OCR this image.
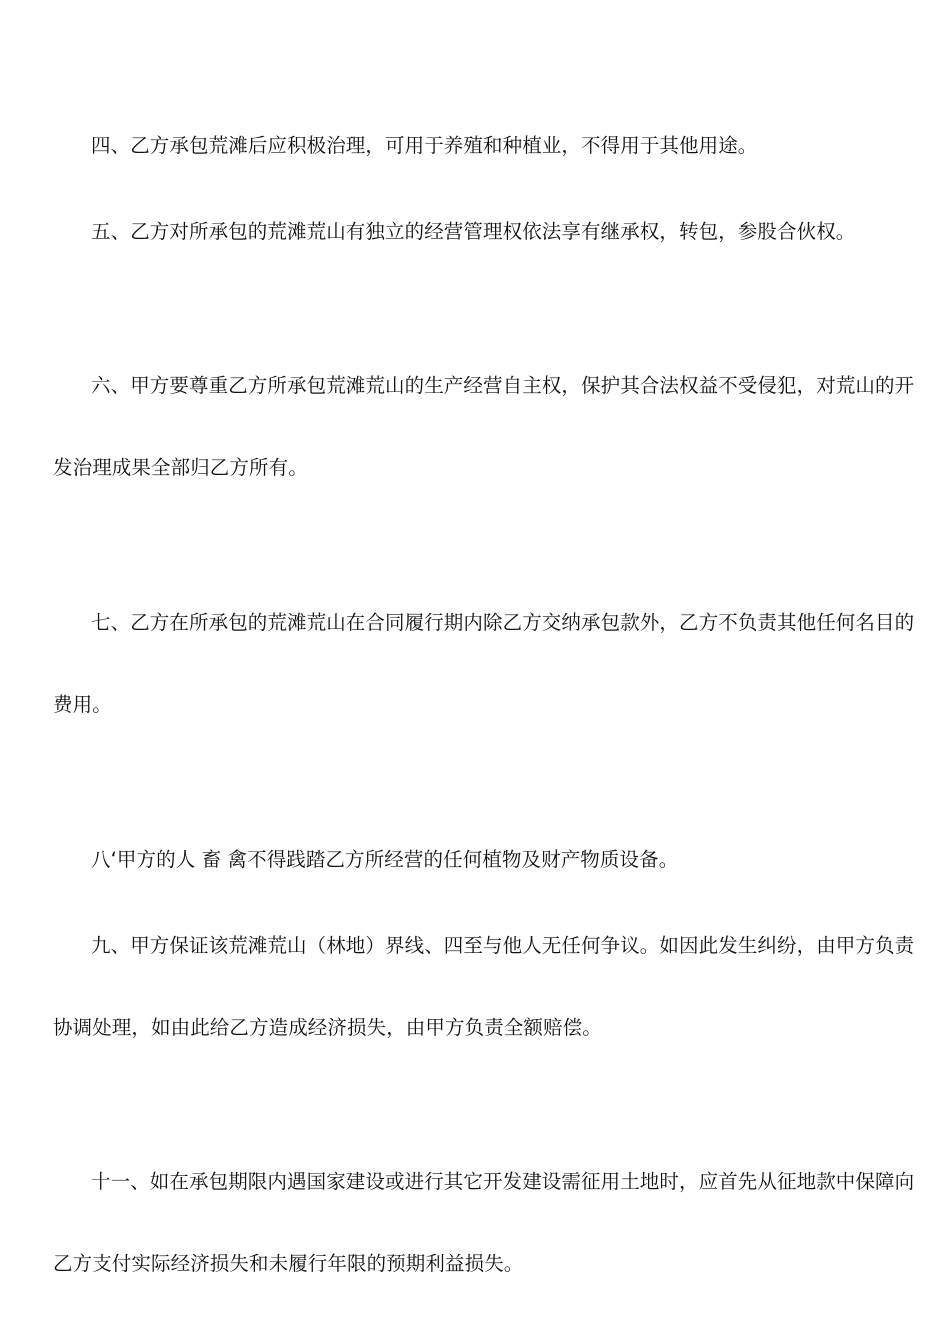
四、乙方承包荒滩后应积极治理，可用于养殖和种植业，不得用于其他用途。
五、乙方对所承包的荒滩荒山有独立的经营管理权依法享有继承权，转包，参股合伙权。
六、甲方要尊重乙方所承包荒滩荒山的生产经营自主权，保护其合法权益不受侵犯，对荒山的开
发治理成果全部归乙方所有。
七、乙方在所承包的荒滩荒山在合同履行期内除乙方交纳承包款外，乙方不负责其他任何名目的
费用。
八‘甲方的人 畜 禽不得践踏乙方所经营的任何植物及财产物质设备。
九、甲方保证该荒滩荒山（林地）界线、四至与他人无任何争议。如因此发生纠纷，由甲方负责
协调处理，如由此给乙方造成经济损失，由甲方负责全额赔偿。
十一、如在承包期限内遇国家建设或进行其它开发建设需征用土地时，应首先从征地款中保障向
乙方支付实际经济损失和未履行年限的预期利益损失。
